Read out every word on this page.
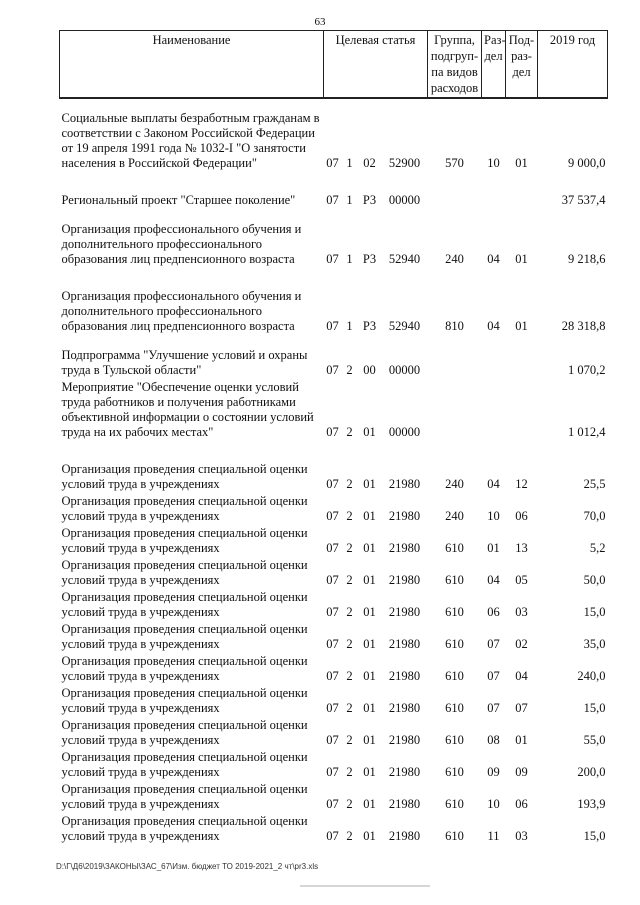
63
Наименование	Целевая статья				Группа, подгруп-па видов расходов	Раз-дел	Под-раз-дел	2019 год

Социальные выплаты безработным гражданам в соответствии с Законом Российской Федерации от 19 апреля 1991 года № 1032-I "О занятости населения в Российской Федерации"	07	1	02	52900	570	10	01	9 000,0

Региональный проект "Старшее поколение"	07	1	P3	00000				37 537,4

Организация профессионального обучения и дополнительного профессионального образования лиц предпенсионного возраста	07	1	P3	52940	240	04	01	9 218,6

Организация профессионального обучения и дополнительного профессионального образования лиц предпенсионного возраста	07	1	P3	52940	810	04	01	28 318,8

Подпрограмма "Улучшение условий и охраны труда в Тульской области"	07	2	00	00000				1 070,2
Мероприятие "Обеспечение оценки условий труда работников и получения работниками объективной информации о состоянии условий труда на их рабочих местах"	07	2	01	00000				1 012,4

Организация проведения специальной оценки условий труда в учреждениях	07	2	01	21980	240	04	12	25,5
Организация проведения специальной оценки условий труда в учреждениях	07	2	01	21980	240	10	06	70,0
Организация проведения специальной оценки условий труда в учреждениях	07	2	01	21980	610	01	13	5,2
Организация проведения специальной оценки условий труда в учреждениях	07	2	01	21980	610	04	05	50,0
Организация проведения специальной оценки условий труда в учреждениях	07	2	01	21980	610	06	03	15,0
Организация проведения специальной оценки условий труда в учреждениях	07	2	01	21980	610	07	02	35,0
Организация проведения специальной оценки условий труда в учреждениях	07	2	01	21980	610	07	04	240,0
Организация проведения специальной оценки условий труда в учреждениях	07	2	01	21980	610	07	07	15,0
Организация проведения специальной оценки условий труда в учреждениях	07	2	01	21980	610	08	01	55,0
Организация проведения специальной оценки условий труда в учреждениях	07	2	01	21980	610	09	09	200,0
Организация проведения специальной оценки условий труда в учреждениях	07	2	01	21980	610	10	06	193,9
Организация проведения специальной оценки условий труда в учреждениях	07	2	01	21980	610	11	03	15,0
D:\Г\Д6\2019\ЗАКОНЫ\ЗАС_67\Изм. бюджет ТО 2019-2021_2 чт\pr3.xls
